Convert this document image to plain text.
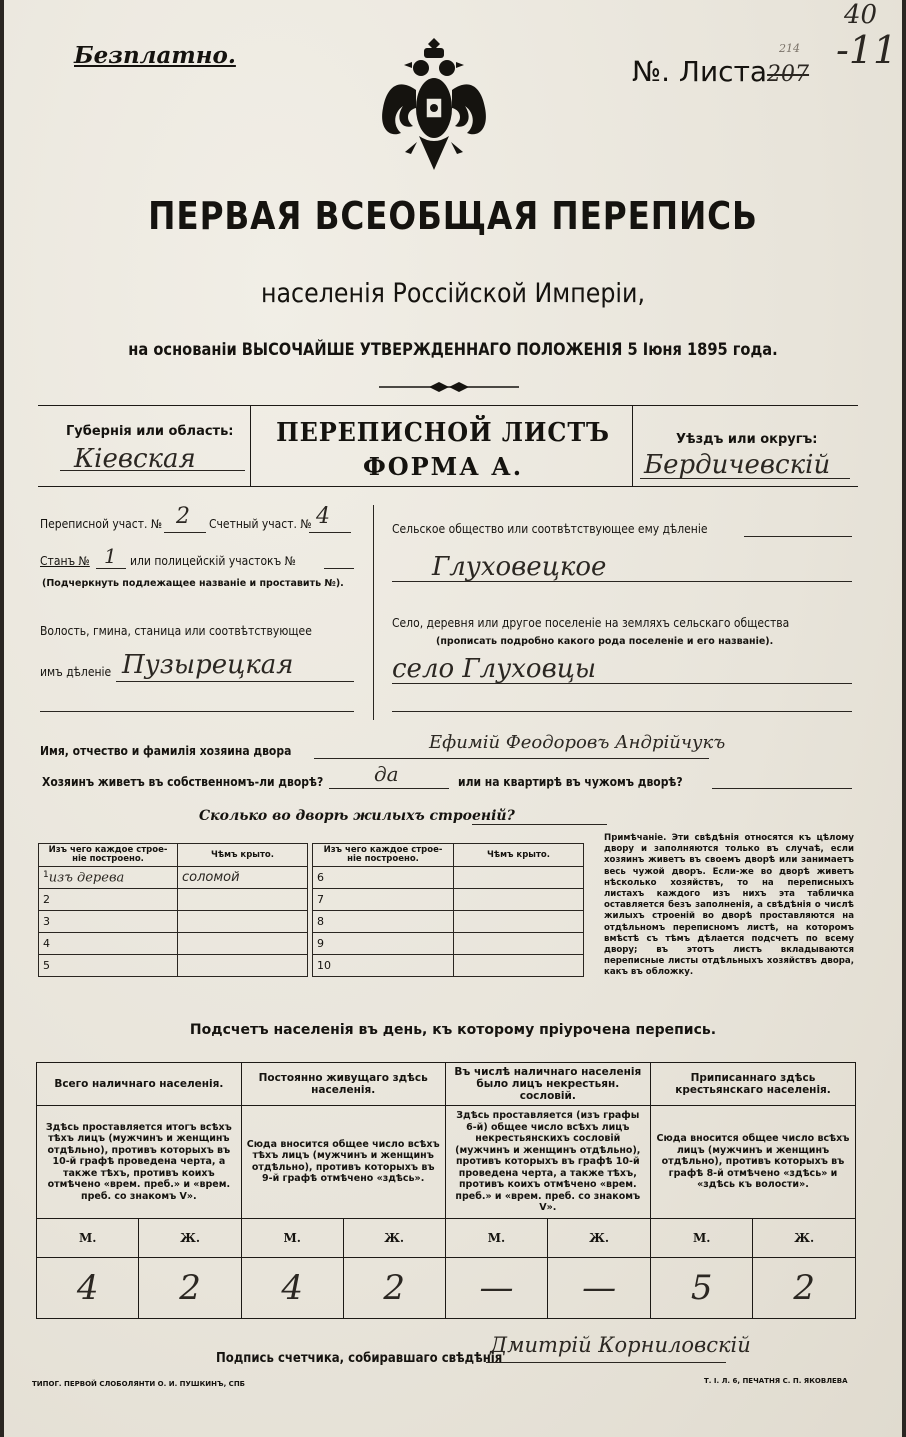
Безплатно.	№. Листа207
40
-11
214
ПЕРВАЯ ВСЕОБЩАЯ ПЕРЕПИСЬ
населенія Россійской Имперіи,
на основаніи ВЫСОЧАЙШЕ УТВЕРЖДЕННАГО ПОЛОЖЕНІЯ 5 Іюня 1895 года.
Губернія или область:
Кіевская
ПЕРЕПИСНОЙ ЛИСТЪ
ФОРМА А.
Уѣздъ или округъ:
Бердичевскій
Переписной участ. № 2 Счетный участ. № 4
Станъ № 1 или полицейскій участокъ №
(Подчеркнуть подлежащее названіе и проставить №).
Волость, гмина, станица или соотвѣтствующее
имъ дѣленіе Пузырецкая
Сельское общество или соотвѣтствующее ему дѣленіе
Глуховецкое
Село, деревня или другое поселеніе на земляхъ сельскаго общества
(прописать подробно какого рода поселеніе и его названіе).
село Глуховцы
Имя, отчество и фамилія хозяина двора	Ефимій Феодоровъ Андрійчукъ
Хозяинъ живетъ въ собственномъ-ли дворѣ?	да	или на квартирѣ въ чужомъ дворѣ?
Сколько во дворѣ жилыхъ строеній?
Изъ чего каждое строе- ніе построено.	Чѣмъ крыто.
$^1$изъ дерева	соломой
2	
3	
4	
5	
Изъ чего каждое строе- ніе построено.	Чѣмъ крыто.
6	
7	
8	
9	
10	
Примѣчаніе. Эти свѣдѣнія относятся къ цѣлому двору и заполняются только въ случаѣ, если хозяинъ живетъ въ своемъ дворѣ или занимаетъ весь чужой дворъ. Если-же во дворѣ живетъ нѣсколько хозяйствъ, то на переписныхъ листахъ каждого изъ нихъ эта табличка оставляется безъ заполненія, а свѣдѣнія о числѣ жилыхъ строеній во дворѣ проставляются на отдѣльномъ переписномъ листѣ, на которомъ вмѣстѣ съ тѣмъ дѣлается подсчетъ по всему двору; въ этотъ листъ вкладываются переписные листы отдѣльныхъ хозяйствъ двора, какъ въ обложку.
Подсчетъ населенія въ день, къ которому пріурочена перепись.
Всего наличнаго населенія.		Постоянно живущаго здѣсь населенія.		Въ числѣ наличнаго населенія было лицъ некрестьян. сословій.		Приписаннаго здѣсь крестьянскаго населенія.	
Здѣсь проставляется итогъ всѣхъ тѣхъ лицъ (мужчинъ и женщинъ отдѣльно), противъ которыхъ въ 10-й графѣ проведена черта, а также тѣхъ, противъ коихъ отмѣчено «врем. преб.» и «врем. преб. со знакомъ V».		Сюда вносится общее число всѣхъ тѣхъ лицъ (мужчинъ и женщинъ отдѣльно), противъ которыхъ въ 9-й графѣ отмѣчено «здѣсь».		Здѣсь проставляется (изъ графы 6-й) общее число всѣхъ лицъ некрестьянскихъ сословій (мужчинъ и женщинъ отдѣльно), противъ которыхъ въ графѣ 10-й проведена черта, а также тѣхъ, противъ коихъ отмѣчено «врем. преб.» и «врем. преб. со знакомъ V».		Сюда вносится общее число всѣхъ лицъ (мужчинъ и женщинъ отдѣльно), противъ которыхъ въ графѣ 8-й отмѣчено «здѣсь» и «здѣсь къ волости».	
М.	Ж.	М.	Ж.	М.	Ж.	М.	Ж.
4	2	4	2	—	—	5	2
Подпись счетчика, собиравшаго свѣдѣнія
Дмитрій Корниловскій
ТИПОГ. ПЕРВОЙ СЛОБОЛЯНТИ О. И. ПУШКИНЪ, СПБ	Т. I. Л. 6, ПЕЧАТНЯ С. П. ЯКОВЛЕВА
